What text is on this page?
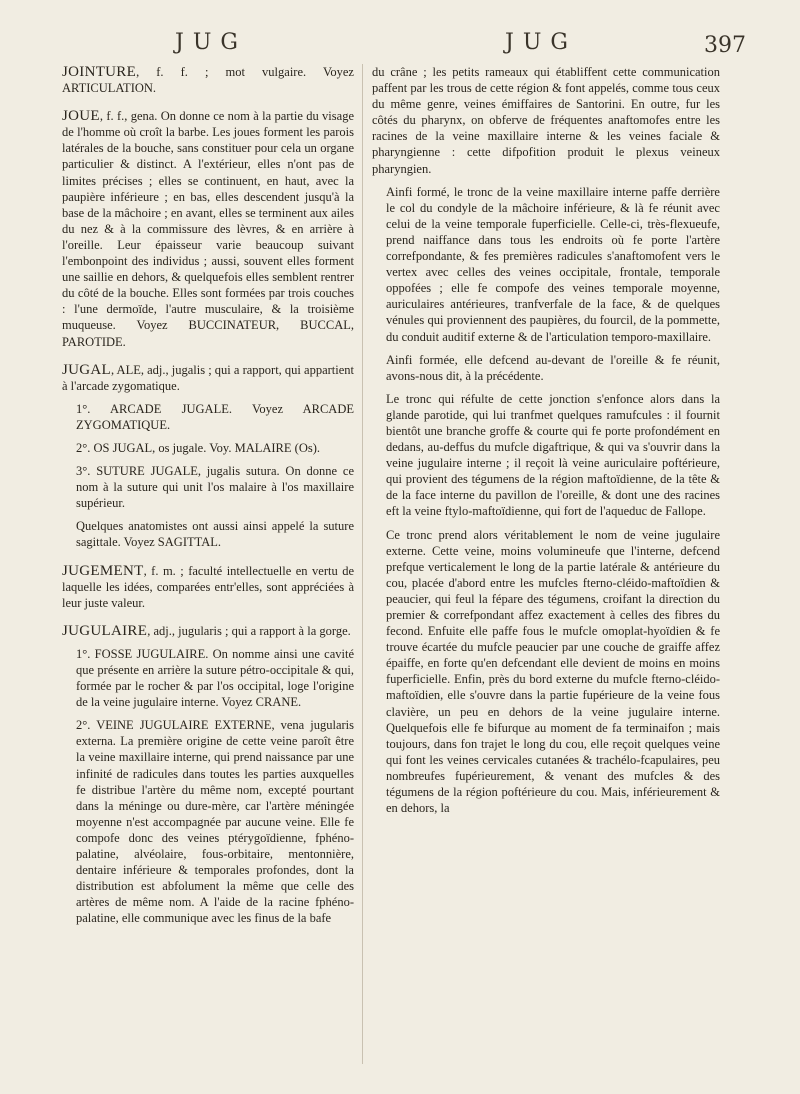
JUG	JUG	397

JOINTURE, f. f. ; mot vulgaire. Voyez ARTICULATION.

JOUE, f. f., gena. On donne ce nom à la partie du visage de l'homme où croît la barbe. Les joues forment les parois latérales de la bouche, sans constituer pour cela un organe particulier & distinct. A l'extérieur, elles n'ont pas de limites précises ; elles se continuent, en haut, avec la paupière inférieure ; en bas, elles descendent jusqu'à la base de la mâchoire ; en avant, elles se terminent aux ailes du nez & à la commissure des lèvres, & en arrière à l'oreille. Leur épaisseur varie beaucoup suivant l'embonpoint des individus ; aussi, souvent elles forment une saillie en dehors, & quelquefois elles semblent rentrer du côté de la bouche. Elles sont formées par trois couches : l'une dermoïde, l'autre musculaire, & la troisième muqueuse. Voyez BUCCINATEUR, BUCCAL, PAROTIDE.

JUGAL, ALE, adj., jugalis ; qui a rapport, qui appartient à l'arcade zygomatique.

1°. ARCADE JUGALE. Voyez ARCADE ZYGOMATIQUE.

2°. OS JUGAL, os jugale. Voy. MALAIRE (Os).

3°. SUTURE JUGALE, jugalis sutura. On donne ce nom à la suture qui unit l'os malaire à l'os maxillaire supérieur.

Quelques anatomistes ont aussi ainsi appelé la suture sagittale. Voyez SAGITTAL.

JUGEMENT, f. m. ; faculté intellectuelle en vertu de laquelle les idées, comparées entr'elles, sont appréciées à leur juste valeur.

JUGULAIRE, adj., jugularis ; qui a rapport à la gorge.

1°. FOSSE JUGULAIRE. On nomme ainsi une cavité que présente en arrière la suture pétro-occipitale & qui, formée par le rocher & par l'os occipital, loge l'origine de la veine jugulaire interne. Voyez CRANE.

2°. VEINE JUGULAIRE EXTERNE, vena jugularis externa. La première origine de cette veine paroît être la veine maxillaire interne, qui prend naissance par une infinité de radicules dans toutes les parties auxquelles fe distribue l'artère du même nom, excepté pourtant dans la méninge ou dure-mère, car l'artère méningée moyenne n'est accompagnée par aucune veine. Elle fe compofe donc des veines ptérygoïdienne, fphéno-palatine, alvéolaire, fous-orbitaire, mentonnière, dentaire inférieure & temporales profondes, dont la distribution est abfolument la même que celle des artères de même nom. A l'aide de la racine fphéno-palatine, elle communique avec les finus de la bafe

du crâne ; les petits rameaux qui établiffent cette communication paffent par les trous de cette région & font appelés, comme tous ceux du même genre, veines émiffaires de Santorini. En outre, fur les côtés du pharynx, on obferve de fréquentes anaftomofes entre les racines de la veine maxillaire interne & les veines faciale & pharyngienne : cette difpofition produit le plexus veineux pharyngien.

Ainfi formé, le tronc de la veine maxillaire interne paffe derrière le col du condyle de la mâchoire inférieure, & là fe réunit avec celui de la veine temporale fuperficielle. Celle-ci, très-flexueufe, prend naiffance dans tous les endroits où fe porte l'artère correfpondante, & fes premières radicules s'anaftomofent vers le vertex avec celles des veines occipitale, frontale, temporale oppofées ; elle fe compofe des veines temporale moyenne, auriculaires antérieures, tranfverfale de la face, & de quelques vénules qui proviennent des paupières, du fourcil, de la pommette, du conduit auditif externe & de l'articulation temporo-maxillaire.

Ainfi formée, elle defcend au-devant de l'oreille & fe réunit, avons-nous dit, à la précédente.

Le tronc qui réfulte de cette jonction s'enfonce alors dans la glande parotide, qui lui tranfmet quelques ramufcules : il fournit bientôt une branche groffe & courte qui fe porte profondément en dedans, au-deffus du mufcle digaftrique, & qui va s'ouvrir dans la veine jugulaire interne ; il reçoit là veine auriculaire poftérieure, qui provient des tégumens de la région maftoïdienne, de la tête & de la face interne du pavillon de l'oreille, & dont une des racines eft la veine ftylo-maftoïdienne, qui fort de l'aqueduc de Fallope.

Ce tronc prend alors véritablement le nom de veine jugulaire externe. Cette veine, moins volumineufe que l'interne, defcend prefque verticalement le long de la partie latérale & antérieure du cou, placée d'abord entre les mufcles fterno-cléido-maftoïdien & peaucier, qui feul la fépare des tégumens, croifant la direction du premier & correfpondant affez exactement à celles des fibres du fecond. Enfuite elle paffe fous le mufcle omoplat-hyoïdien & fe trouve écartée du mufcle peaucier par une couche de graiffe affez épaiffe, en forte qu'en defcendant elle devient de moins en moins fuperficielle. Enfin, près du bord externe du mufcle fterno-cléido-maftoïdien, elle s'ouvre dans la partie fupérieure de la veine fous clavière, un peu en dehors de la veine jugulaire interne. Quelquefois elle fe bifurque au moment de fa terminaifon ; mais toujours, dans fon trajet le long du cou, elle reçoit quelques veine qui font les veines cervicales cutanées & trachélo-fcapulaires, peu nombreufes fupérieurement, & venant des mufcles & des tégumens de la région poftérieure du cou. Mais, inférieurement & en dehors, la
